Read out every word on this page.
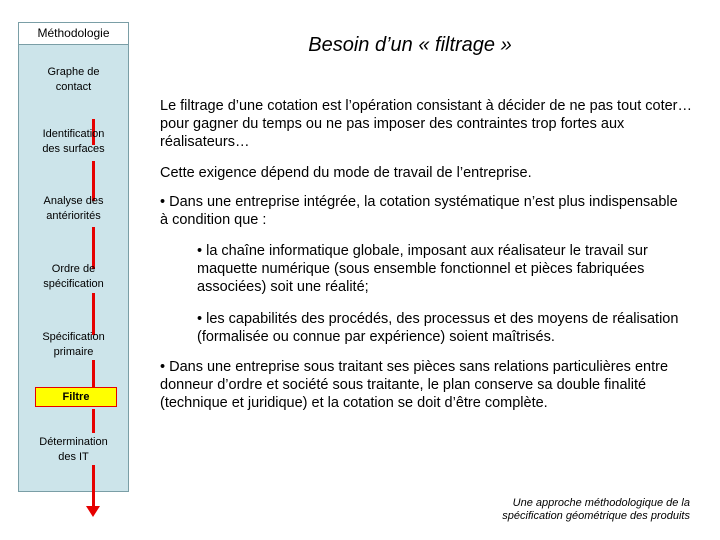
Méthodologie
Graphe de
contact
Identification
des surfaces
Analyse des
antériorités
Ordre de
spécification
Spécification
primaire
Filtre
Détermination
des IT
Besoin d’un « filtrage »
Le filtrage d’une cotation est l’opération consistant à décider de ne pas tout coter… pour gagner du temps ou ne pas imposer des contraintes trop fortes aux réalisateurs…
Cette exigence dépend du mode de travail de l’entreprise.
• Dans une entreprise intégrée, la cotation systématique n’est plus indispensable à condition que :
• la chaîne informatique globale, imposant aux réalisateur le travail sur maquette numérique (sous ensemble fonctionnel et pièces fabriquées associées) soit une réalité;
• les capabilités des procédés, des processus et des moyens de réalisation (formalisée ou connue par expérience) soient maîtrisés.
• Dans une entreprise sous traitant ses pièces sans relations particulières entre donneur d’ordre et société sous traitante, le plan conserve sa double finalité (technique et juridique) et la cotation se doit d’être complète.
Une approche méthodologique de la
spécification géométrique des produits
